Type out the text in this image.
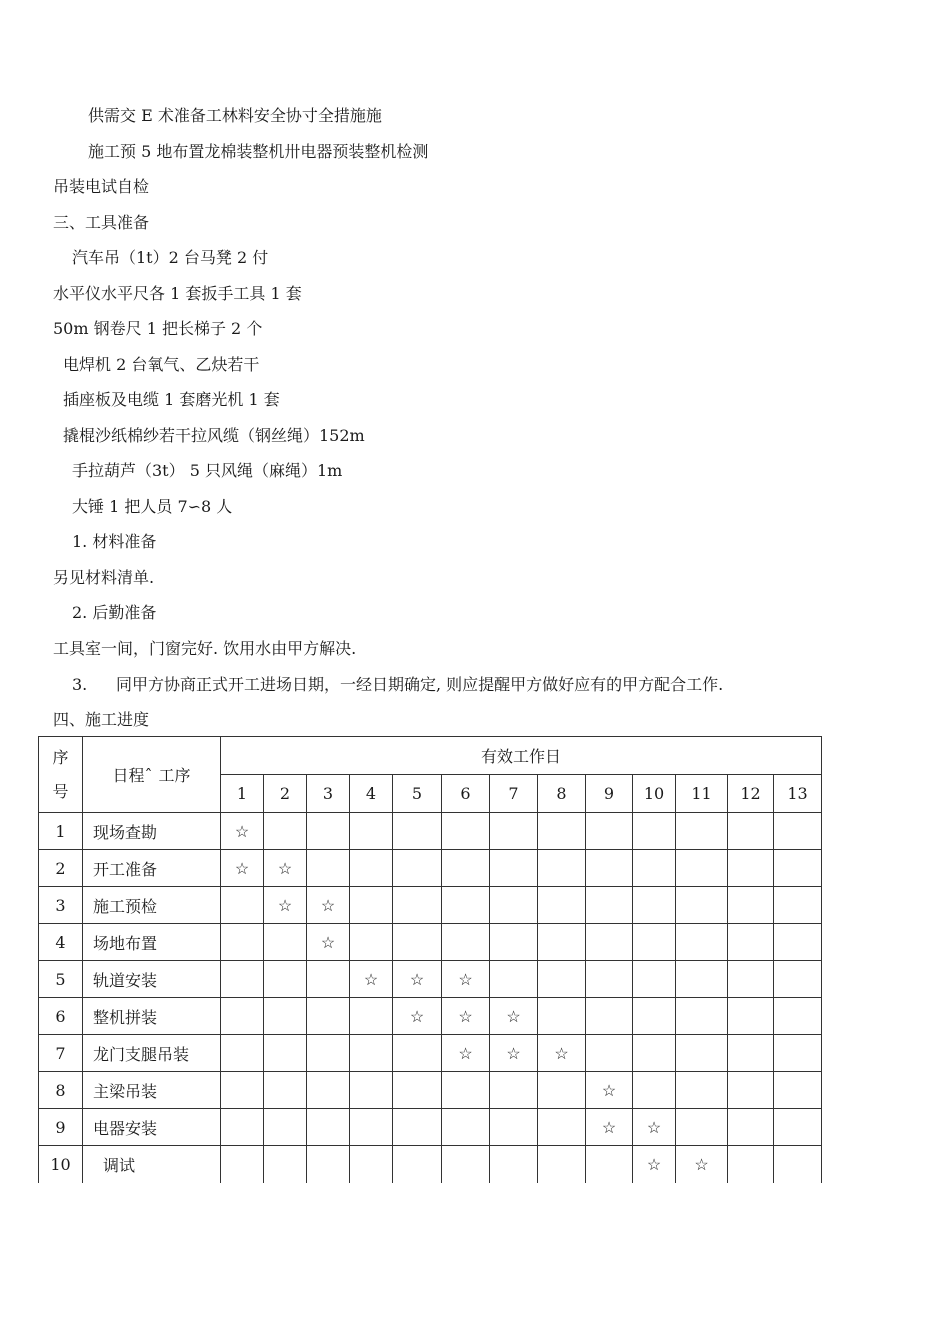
供需交 E 术准备工林料安全协寸全措施施
施工预 5 地布置龙棉装整机卅电器预装整机检测
吊装电试自检
三、工具准备
汽车吊（1t）2 台马凳 2 付
水平仪水平尺各 1 套扳手工具 1 套
50m 钢卷尺 1 把长梯子 2 个
电焊机 2 台氧气、乙炔若干
插座板及电缆 1 套磨光机 1 套
撬棍沙纸棉纱若干拉风缆（钢丝绳）152m
手拉葫芦（3t） 5 只风绳（麻绳）1m
大锤 1 把人员 7∽8 人
1. 材料准备
另见材料清单.
2. 后勤准备
工具室一间，门窗完好. 饮用水由甲方解决.
3. 同甲方协商正式开工进场日期，一经日期确定, 则应提醒甲方做好应有的甲方配合工作.
四、施工进度
序
号	日程ˆ 工序	有效工作日												
		1	2	3	4	5	6	7	8	9	10	11	12	13
1	现场查勘	☆												
2	开工准备	☆	☆											
3	施工预检		☆	☆										
4	场地布置			☆										
5	轨道安装				☆	☆	☆							
6	整机拼装					☆	☆	☆						
7	龙门支腿吊装						☆	☆	☆					
8	主梁吊装									☆				
9	电器安装									☆	☆			
10	调试										☆	☆		
